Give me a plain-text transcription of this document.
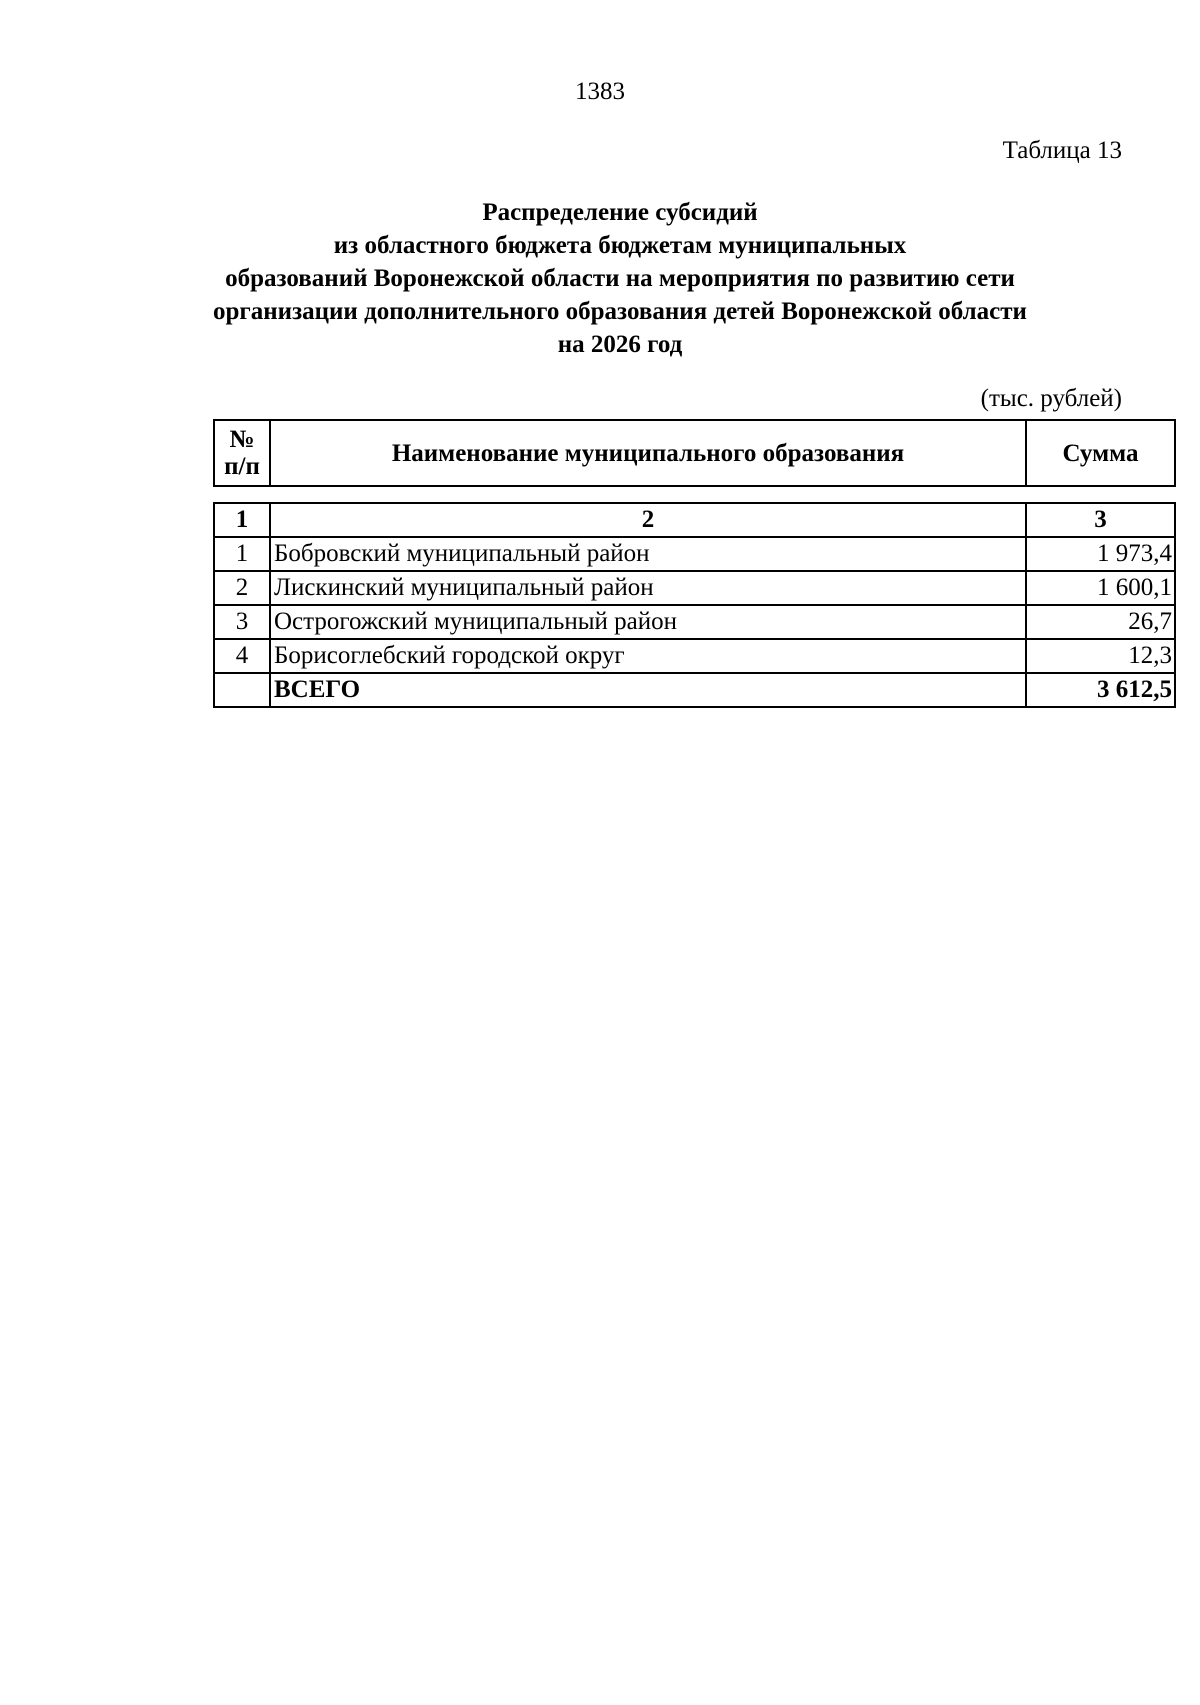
1383
Таблица 13
Распределение субсидий
из областного бюджета бюджетам муниципальных
образований Воронежской области на мероприятия по развитию сети
организации дополнительного образования детей Воронежской области
на 2026 год
(тыс. рублей)
№
п/п	Наименование муниципального образования	Сумма
1	2	3
1	Бобровский муниципальный район	1 973,4
2	Лискинский муниципальный район	1 600,1
3	Острогожский муниципальный район	26,7
4	Борисоглебский городской округ	12,3
	ВСЕГО	3 612,5
